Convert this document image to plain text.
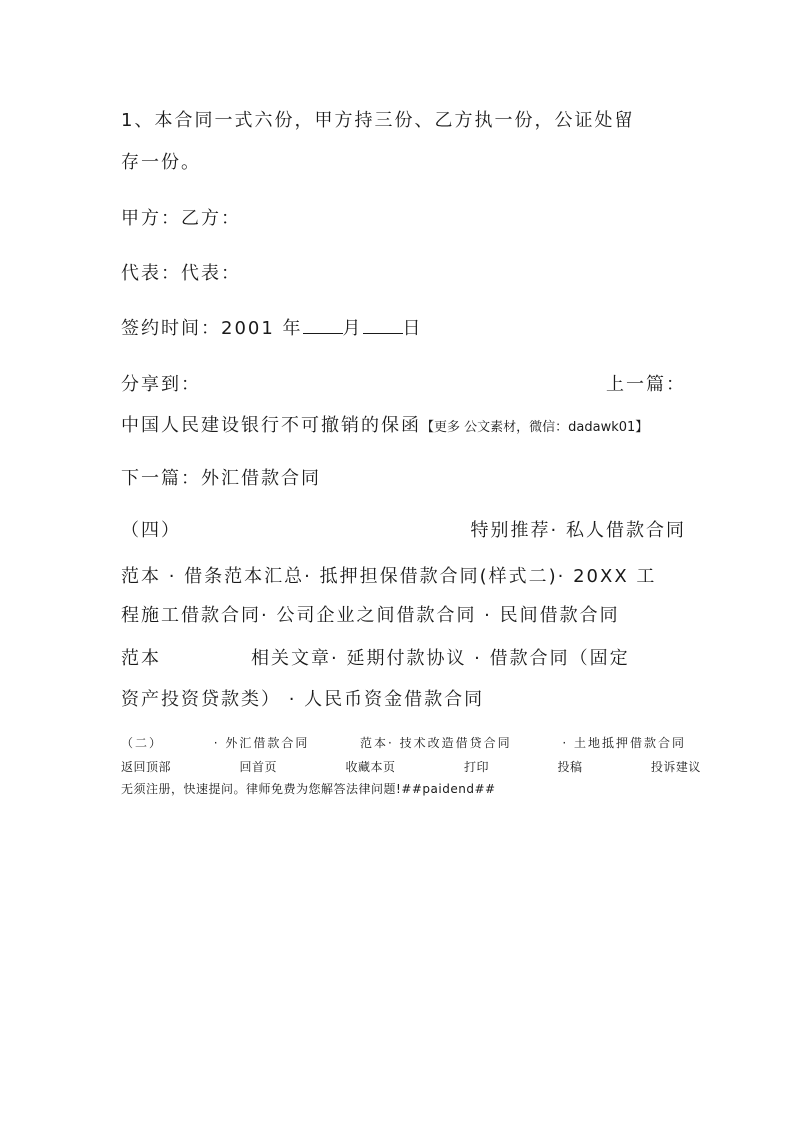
1、本合同一式六份，甲方持三份、乙方执一份，公证处留
存一份。
甲方：乙方：
代表：代表：
签约时间：2001 年 月 日
分享到：	上一篇：
中国人民建设银行不可撤销的保函【更多 公文素材，微信：dadawk01】
下一篇：外汇借款合同
（四）	特别推荐· 私人借款合同
范本 · 借条范本汇总· 抵押担保借款合同(样式二)· 20XX 工
程施工借款合同· 公司企业之间借款合同 · 民间借款合同
范本	相关文章· 延期付款协议 · 借款合同（固定
资产投资贷款类） · 人民币资金借款合同
（二）	· 外汇借款合同	范本· 技术改造借贷合同	· 土地抵押借款合同
返回顶部	回首页	收藏本页	打印	投稿	投诉建议
无须注册，快速提问。律师免费为您解答法律问题!##paidend##
